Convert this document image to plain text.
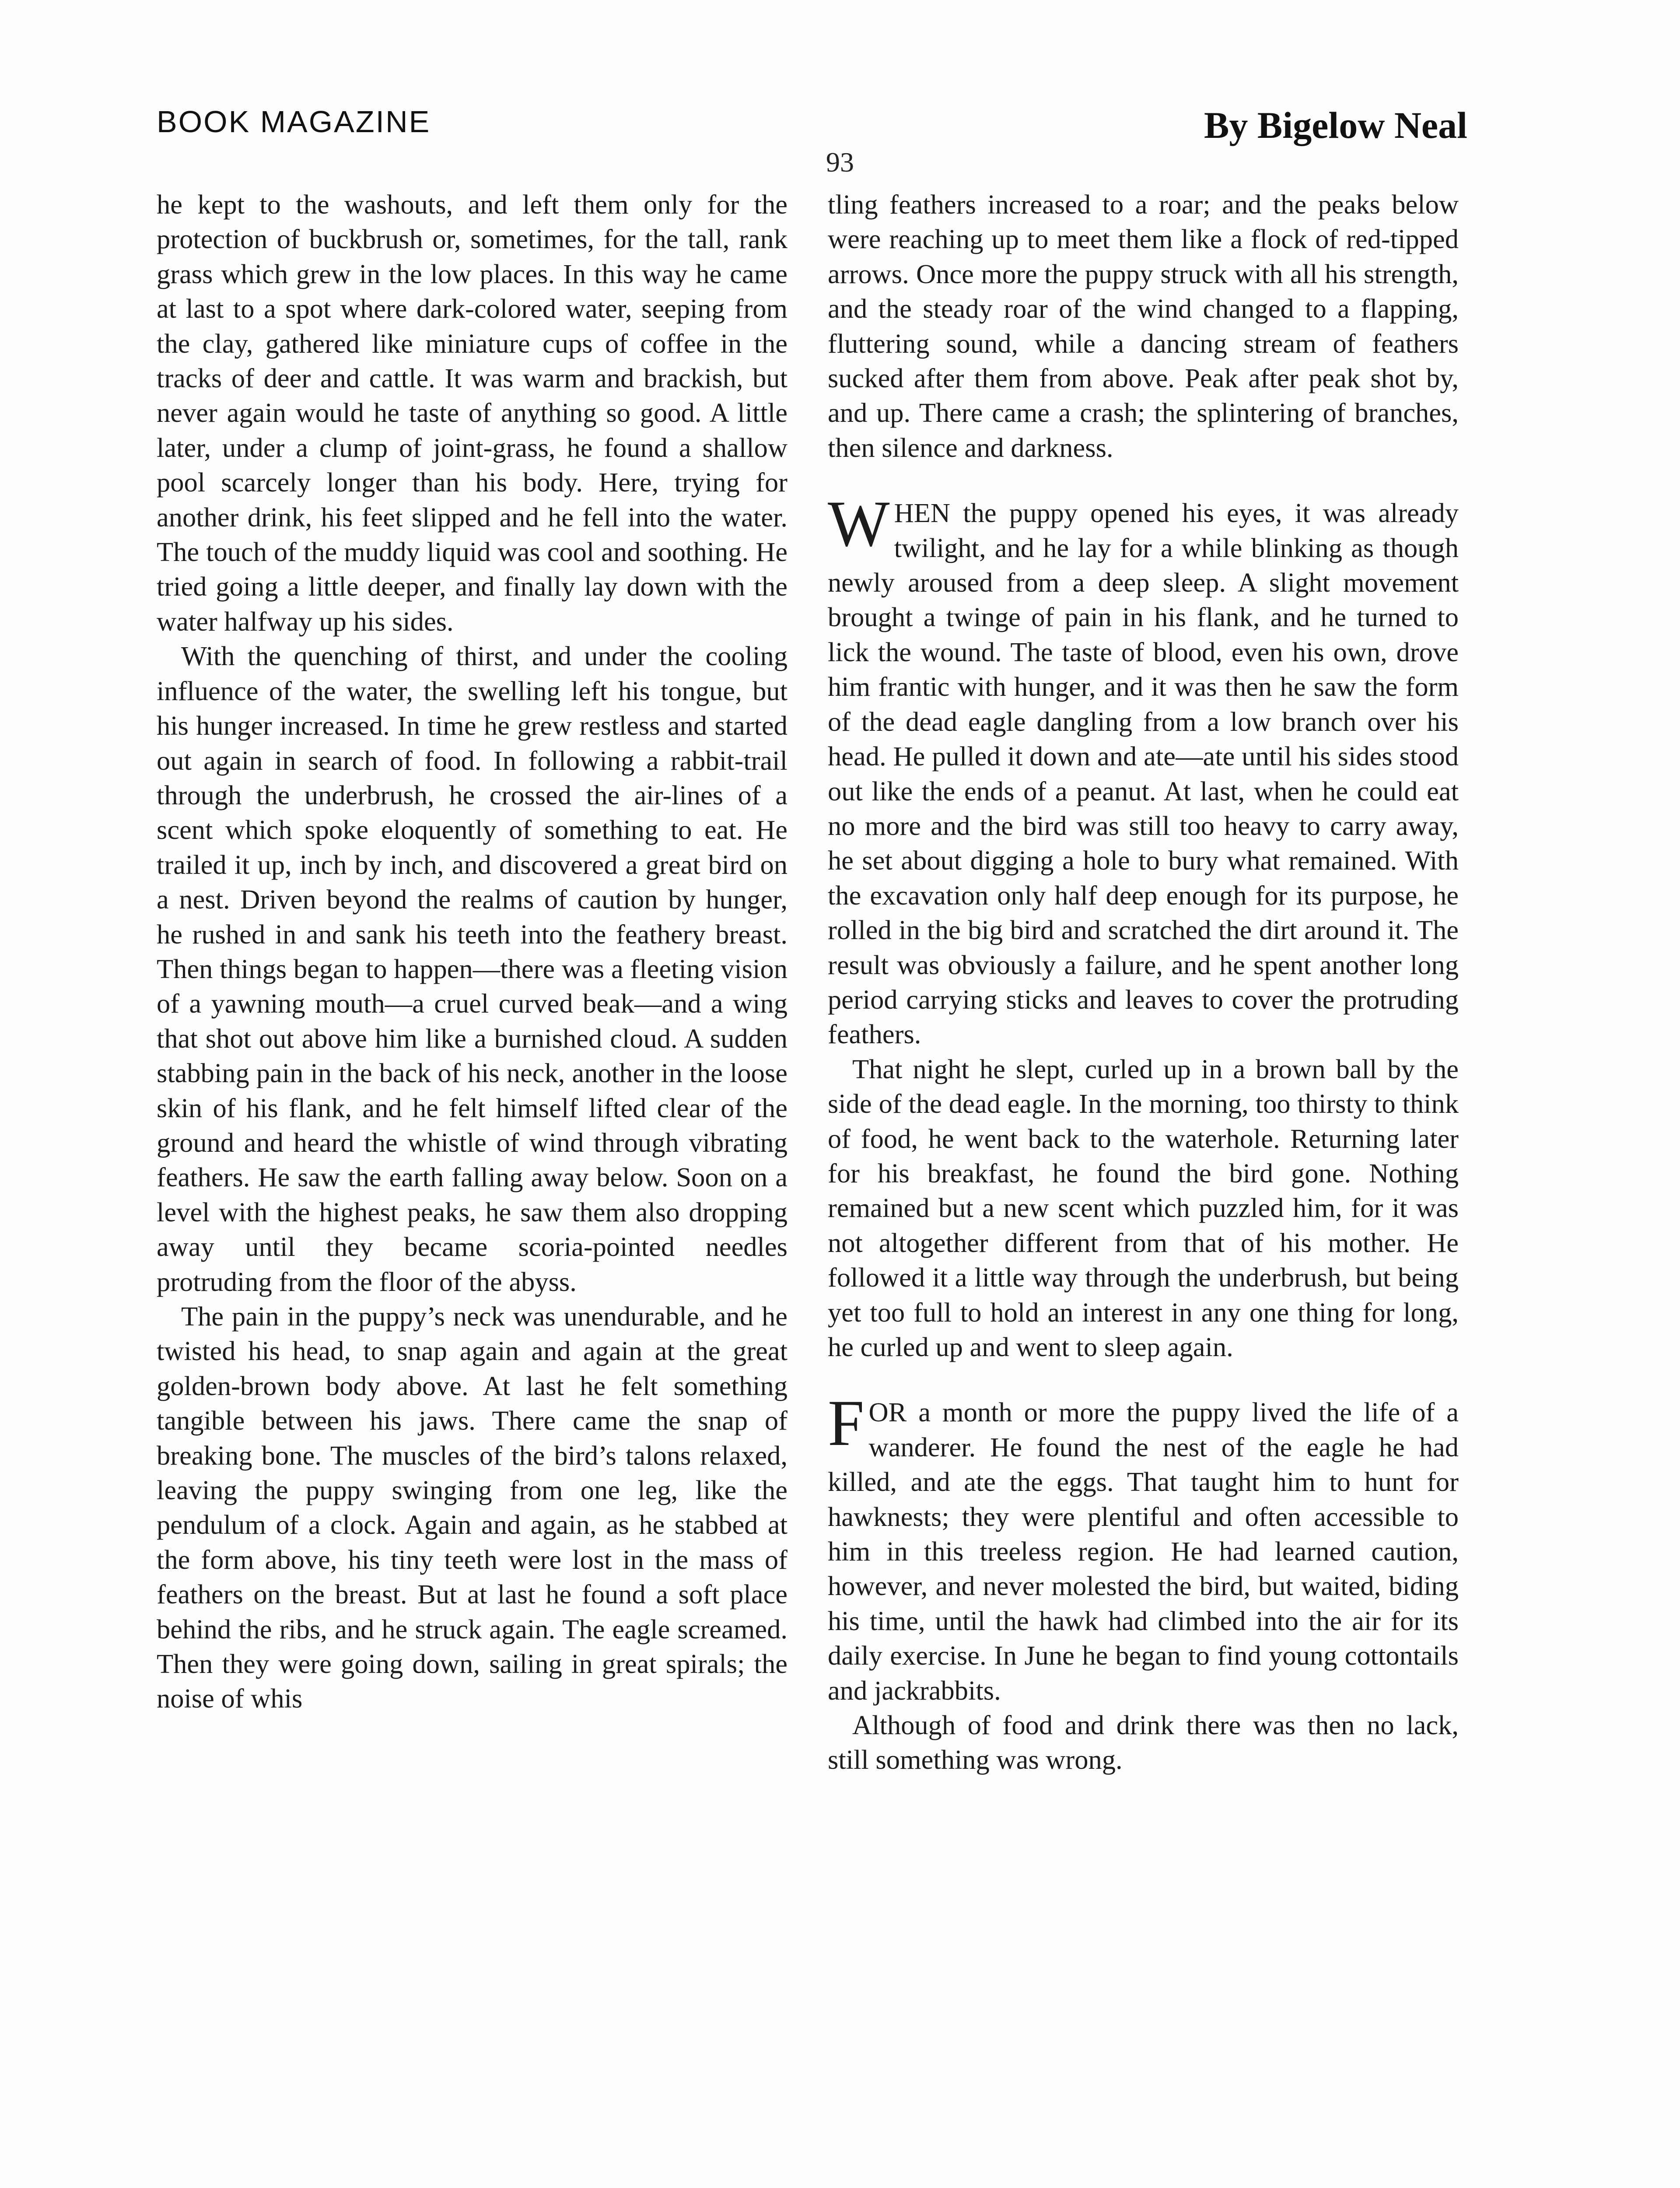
BOOK MAGAZINE	By Bigelow Neal
93

he kept to the washouts, and left them only for the protection of buckbrush or, sometimes, for the tall, rank grass which grew in the low places. In this way he came at last to a spot where dark-colored water, seeping from the clay, gathered like miniature cups of coffee in the tracks of deer and cattle. It was warm and brackish, but never again would he taste of anything so good. A little later, under a clump of joint-grass, he found a shallow pool scarcely longer than his body. Here, trying for another drink, his feet slipped and he fell into the water. The touch of the muddy liquid was cool and soothing. He tried going a little deeper, and finally lay down with the water halfway up his sides.

With the quenching of thirst, and under the cooling influence of the water, the swelling left his tongue, but his hunger increased. In time he grew restless and started out again in search of food. In following a rabbit-trail through the underbrush, he crossed the air-lines of a scent which spoke eloquently of something to eat. He trailed it up, inch by inch, and discovered a great bird on a nest. Driven beyond the realms of caution by hunger, he rushed in and sank his teeth into the feathery breast. Then things began to happen—there was a fleeting vision of a yawning mouth—a cruel curved beak—and a wing that shot out above him like a burnished cloud. A sudden stabbing pain in the back of his neck, another in the loose skin of his flank, and he felt himself lifted clear of the ground and heard the whistle of wind through vibrating feathers. He saw the earth falling away below. Soon on a level with the highest peaks, he saw them also dropping away until they became scoria-pointed needles protruding from the floor of the abyss.

The pain in the puppy’s neck was unendurable, and he twisted his head, to snap again and again at the great golden-brown body above. At last he felt something tangible between his jaws. There came the snap of breaking bone. The muscles of the bird’s talons relaxed, leaving the puppy swinging from one leg, like the pendulum of a clock. Again and again, as he stabbed at the form above, his tiny teeth were lost in the mass of feathers on the breast. But at last he found a soft place behind the ribs, and he struck again. The eagle screamed. Then they were going down, sailing in great spirals; the noise of whis

tling feathers increased to a roar; and the peaks below were reaching up to meet them like a flock of red-tipped arrows. Once more the puppy struck with all his strength, and the steady roar of the wind changed to a flapping, fluttering sound, while a dancing stream of feathers sucked after them from above. Peak after peak shot by, and up. There came a crash; the splintering of branches, then silence and darkness.

WHEN the puppy opened his eyes, it was already twilight, and he lay for a while blinking as though newly aroused from a deep sleep. A slight movement brought a twinge of pain in his flank, and he turned to lick the wound. The taste of blood, even his own, drove him frantic with hunger, and it was then he saw the form of the dead eagle dangling from a low branch over his head. He pulled it down and ate—ate until his sides stood out like the ends of a peanut. At last, when he could eat no more and the bird was still too heavy to carry away, he set about digging a hole to bury what remained. With the excavation only half deep enough for its purpose, he rolled in the big bird and scratched the dirt around it. The result was obviously a failure, and he spent another long period carrying sticks and leaves to cover the protruding feathers.

That night he slept, curled up in a brown ball by the side of the dead eagle. In the morning, too thirsty to think of food, he went back to the waterhole. Returning later for his breakfast, he found the bird gone. Nothing remained but a new scent which puzzled him, for it was not altogether different from that of his mother. He followed it a little way through the underbrush, but being yet too full to hold an interest in any one thing for long, he curled up and went to sleep again.

FOR a month or more the puppy lived the life of a wanderer. He found the nest of the eagle he had killed, and ate the eggs. That taught him to hunt for hawknests; they were plentiful and often accessible to him in this treeless region. He had learned caution, however, and never molested the bird, but waited, biding his time, until the hawk had climbed into the air for its daily exercise. In June he began to find young cottontails and jackrabbits.

Although of food and drink there was then no lack, still something was wrong.
